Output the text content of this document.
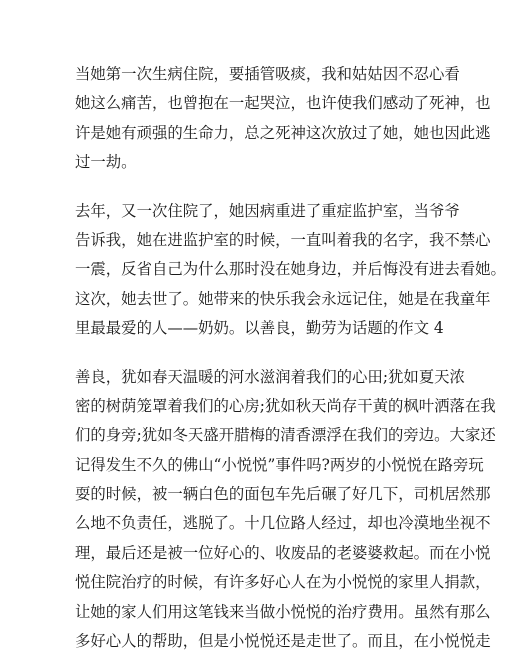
当她第一次生病住院，要插管吸痰，我和姑姑因不忍心看
她这么痛苦，也曾抱在一起哭泣，也许使我们感动了死神，也
许是她有顽强的生命力，总之死神这次放过了她，她也因此逃
过一劫。
去年，又一次住院了，她因病重进了重症监护室，当爷爷
告诉我，她在进监护室的时候，一直叫着我的名字，我不禁心
一震，反省自己为什么那时没在她身边，并后悔没有进去看她。
这次，她去世了。她带来的快乐我会永远记住，她是在我童年
里最最爱的人——奶奶。以善良，勤劳为话题的作文 4
善良，犹如春天温暖的河水滋润着我们的心田;犹如夏天浓
密的树荫笼罩着我们的心房;犹如秋天尚存干黄的枫叶洒落在我
们的身旁;犹如冬天盛开腊梅的清香漂浮在我们的旁边。大家还
记得发生不久的佛山“小悦悦”事件吗?两岁的小悦悦在路旁玩
耍的时候，被一辆白色的面包车先后碾了好几下，司机居然那
么地不负责任，逃脱了。十几位路人经过，却也冷漠地坐视不
理，最后还是被一位好心的、收废品的老婆婆救起。而在小悦
悦住院治疗的时候，有许多好心人在为小悦悦的家里人捐款，
让她的家人们用这笔钱来当做小悦悦的治疗费用。虽然有那么
多好心人的帮助，但是小悦悦还是走世了。而且，在小悦悦走
